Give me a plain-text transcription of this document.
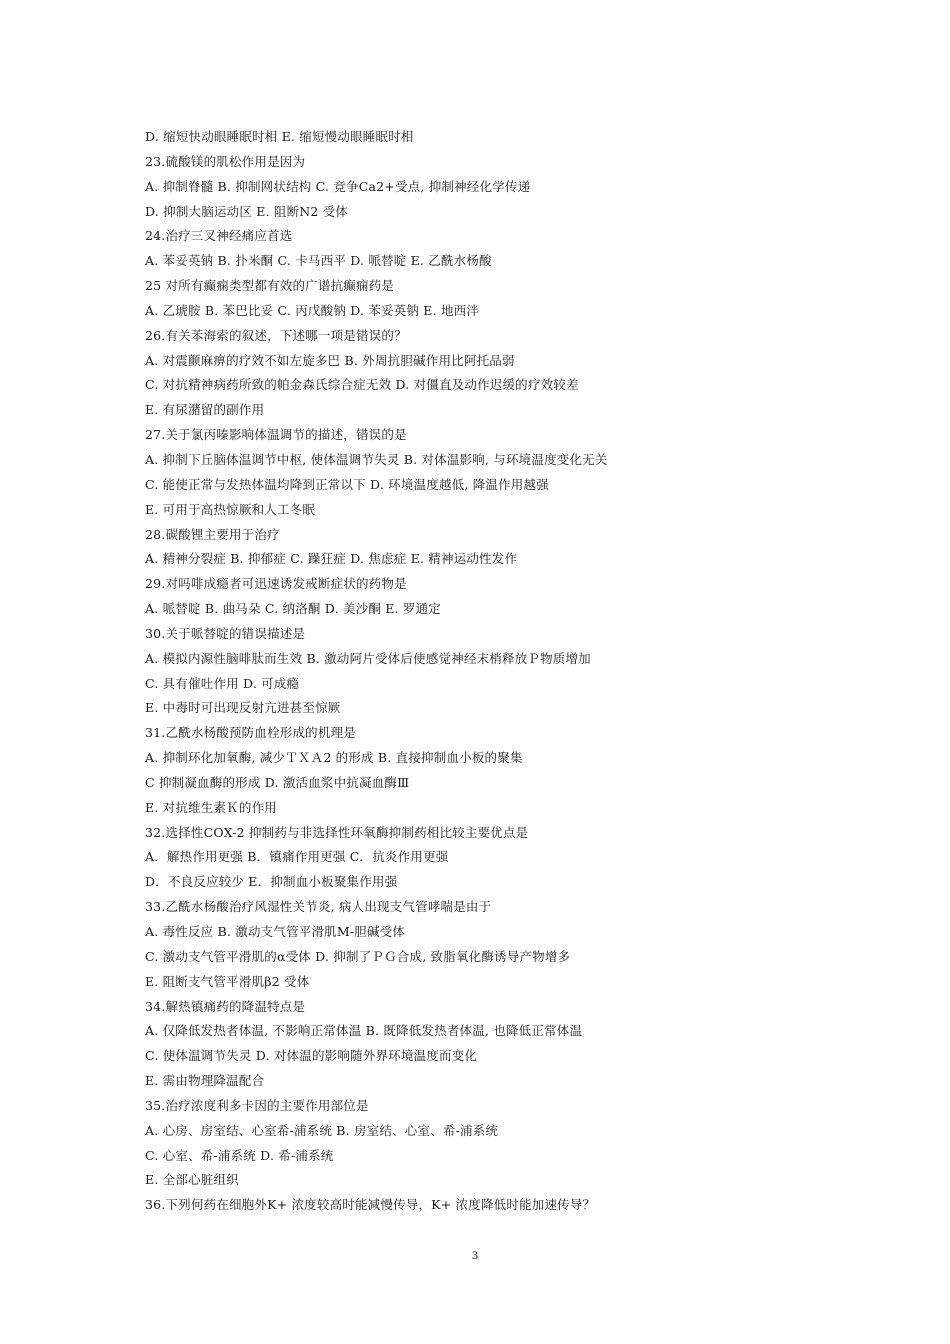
D. 缩短快动眼睡眠时相 E. 缩短慢动眼睡眠时相
23.硫酸镁的肌松作用是因为
A. 抑制脊髓 B. 抑制网状结构 C. 竞争Ca2+受点, 抑制神经化学传递
D. 抑制大脑运动区 E. 阻断N2 受体
24.治疗三叉神经痛应首选
A. 苯妥英钠 B. 扑米酮 C. 卡马西平 D. 哌替啶 E. 乙酰水杨酸
25 对所有癫痫类型都有效的广谱抗癫痫药是
A. 乙琥胺 B. 苯巴比妥 C. 丙戊酸钠 D. 苯妥英钠 E. 地西泮
26.有关苯海索的叙述，下述哪一项是错误的？
A. 对震颤麻痹的疗效不如左旋多巴 B. 外周抗胆碱作用比阿托品弱
C. 对抗精神病药所致的帕金森氏综合症无效 D. 对僵直及动作迟缓的疗效较差
E. 有尿潴留的副作用
27.关于氯丙嗪影响体温调节的描述，错误的是
A. 抑制下丘脑体温调节中枢, 使体温调节失灵 B. 对体温影响, 与环境温度变化无关
C. 能使正常与发热体温均降到正常以下 D. 环境温度越低, 降温作用越强
E. 可用于高热惊厥和人工冬眠
28.碳酸锂主要用于治疗
A. 精神分裂症 B. 抑郁症 C. 躁狂症 D. 焦虑症 E. 精神运动性发作
29.对吗啡成瘾者可迅速诱发戒断症状的药物是
A. 哌替啶 B. 曲马朵 C. 纳洛酮 D. 美沙酮 E. 罗通定
30.关于哌替啶的错误描述是
A. 模拟内源性脑啡肽而生效 B. 激动阿片受体后使感觉神经末梢释放Ｐ物质增加
C. 具有催吐作用 D. 可成瘾
E. 中毒时可出现反射亢进甚至惊厥
31.乙酰水杨酸预防血栓形成的机理是
A. 抑制环化加氧酶, 减少ＴＸＡ2 的形成 B. 直接抑制血小板的聚集
C 抑制凝血酶的形成 D. 激活血浆中抗凝血酶Ⅲ
E. 对抗维生素Ｋ的作用
32.选择性COX-2 抑制药与非选择性环氧酶抑制药相比较主要优点是
A．解热作用更强 B．镇痛作用更强 C．抗炎作用更强
D．不良反应较少 E．抑制血小板聚集作用强
33.乙酰水杨酸治疗风湿性关节炎, 病人出现支气管哮喘是由于
A. 毒性反应 B. 激动支气管平滑肌M-胆碱受体
C. 激动支气管平滑肌的α受体 D. 抑制了ＰＧ合成, 致脂氧化酶诱导产物增多
E. 阻断支气管平滑肌β2 受体
34.解热镇痛药的降温特点是
A. 仅降低发热者体温, 不影响正常体温 B. 既降低发热者体温, 也降低正常体温
C. 使体温调节失灵 D. 对体温的影响随外界环境温度而变化
E. 需由物理降温配合
35.治疗浓度利多卡因的主要作用部位是
A. 心房、房室结、心室希-浦系统 B. 房室结、心室、希-浦系统
C. 心室、希-浦系统 D. 希-浦系统
E. 全部心脏组织
36.下列何药在细胞外K+ 浓度较高时能减慢传导，K+ 浓度降低时能加速传导？
3
